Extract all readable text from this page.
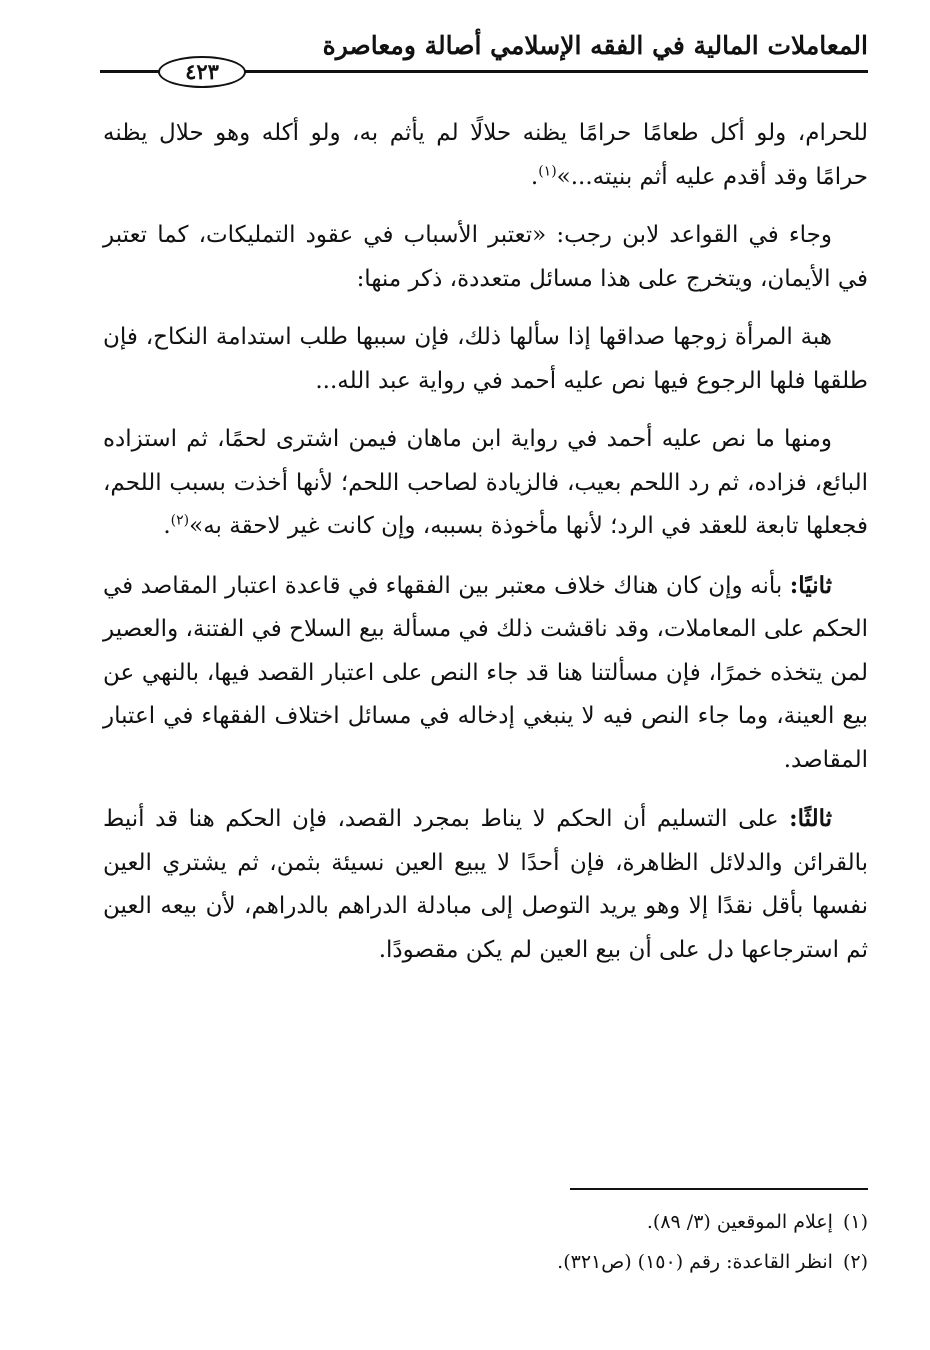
المعاملات المالية في الفقه الإسلامي أصالة ومعاصرة
٤٢٣

للحرام، ولو أكل طعامًا حرامًا يظنه حلالًا لم يأثم به، ولو أكله وهو حلال يظنه حرامًا وقد أقدم عليه أثم بنيته...»$^{(١)}$.

وجاء في القواعد لابن رجب: «تعتبر الأسباب في عقود التمليكات، كما تعتبر في الأيمان، ويتخرج على هذا مسائل متعددة، ذكر منها:

هبة المرأة زوجها صداقها إذا سألها ذلك، فإن سببها طلب استدامة النكاح، فإن طلقها فلها الرجوع فيها نص عليه أحمد في رواية عبد الله...

ومنها ما نص عليه أحمد في رواية ابن ماهان فيمن اشترى لحمًا، ثم استزاده البائع، فزاده، ثم رد اللحم بعيب، فالزيادة لصاحب اللحم؛ لأنها أخذت بسبب اللحم، فجعلها تابعة للعقد في الرد؛ لأنها مأخوذة بسببه، وإن كانت غير لاحقة به»$^{(٢)}$.

ثانيًا: بأنه وإن كان هناك خلاف معتبر بين الفقهاء في قاعدة اعتبار المقاصد في الحكم على المعاملات، وقد ناقشت ذلك في مسألة بيع السلاح في الفتنة، والعصير لمن يتخذه خمرًا، فإن مسألتنا هنا قد جاء النص على اعتبار القصد فيها، بالنهي عن بيع العينة، وما جاء النص فيه لا ينبغي إدخاله في مسائل اختلاف الفقهاء في اعتبار المقاصد.

ثالثًا: على التسليم أن الحكم لا يناط بمجرد القصد، فإن الحكم هنا قد أنيط بالقرائن والدلائل الظاهرة، فإن أحدًا لا يبيع العين نسيئة بثمن، ثم يشتري العين نفسها بأقل نقدًا إلا وهو يريد التوصل إلى مبادلة الدراهم بالدراهم، لأن بيعه العين ثم استرجاعها دل على أن بيع العين لم يكن مقصودًا.

(١)إعلام الموقعين (٣/ ٨٩).

(٢)انظر القاعدة: رقم (١٥٠) (ص٣٢١).
